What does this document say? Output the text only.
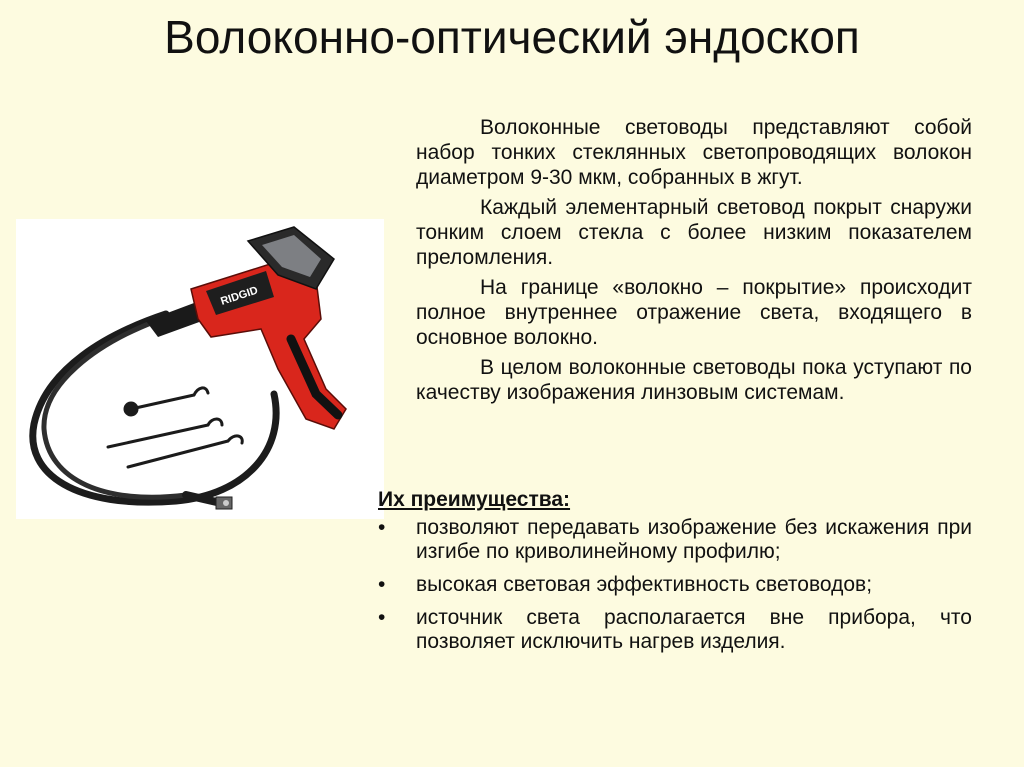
Волоконно-оптический эндоскоп
RIDGID

Волоконные световоды представляют собой набор тонких стеклянных светопроводящих волокон диаметром 9-30 мкм, собранных в жгут.

Каждый элементарный световод покрыт снаружи тонким слоем стекла с более низким показателем преломления.

На границе «волокно – покрытие» происходит полное внутреннее отражение света, входящего в основное волокно.

В целом волоконные световоды пока уступают по качеству изображения линзовым системам.

Их преимущества:
• позволяют передавать изображение без искажения при изгибе по криволинейному профилю;
• высокая световая эффективность световодов;
• источник света располагается вне прибора, что позволяет исключить нагрев изделия.
